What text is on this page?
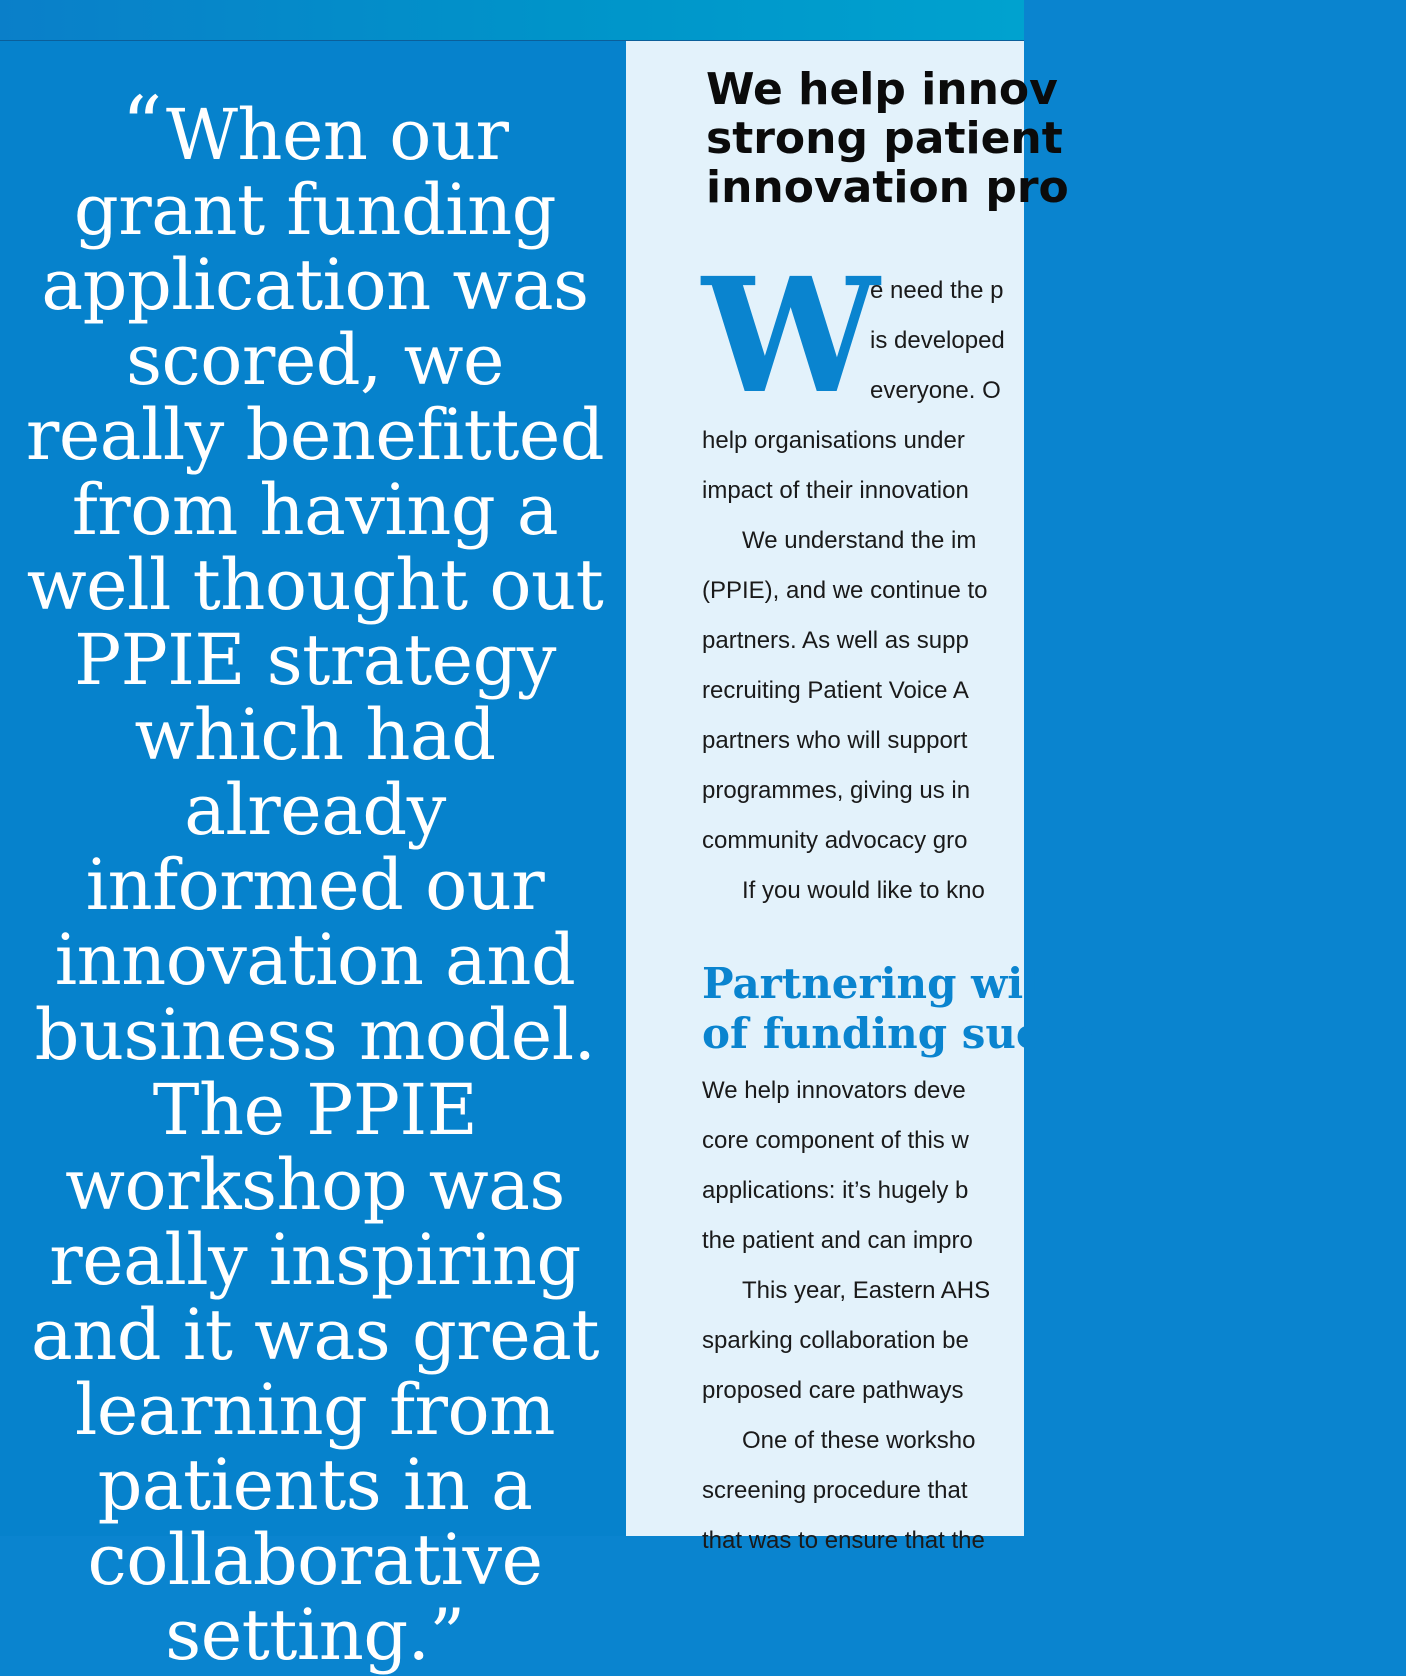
“When our grant funding application was scored, we really benefitted from having a well thought out PPIE strategy which had already informed our innovation and business model. The PPIE workshop was really inspiring and it was great learning from patients in a collaborative setting.”

We help innov
strong patient
innovation pro
W

e need the p

is developed

everyone. O

help organisations under

impact of their innovation

We understand the im

(PPIE), and we continue to

partners. As well as supp

recruiting Patient Voice A

partners who will support

programmes, giving us in

community advocacy gro

If you would like to kno

Partnering with
of funding succe

We help innovators deve

core component of this w

applications: it’s hugely b

the patient and can impro

This year, Eastern AHS

sparking collaboration be

proposed care pathways

One of these worksho

screening procedure that

that was to ensure that the
